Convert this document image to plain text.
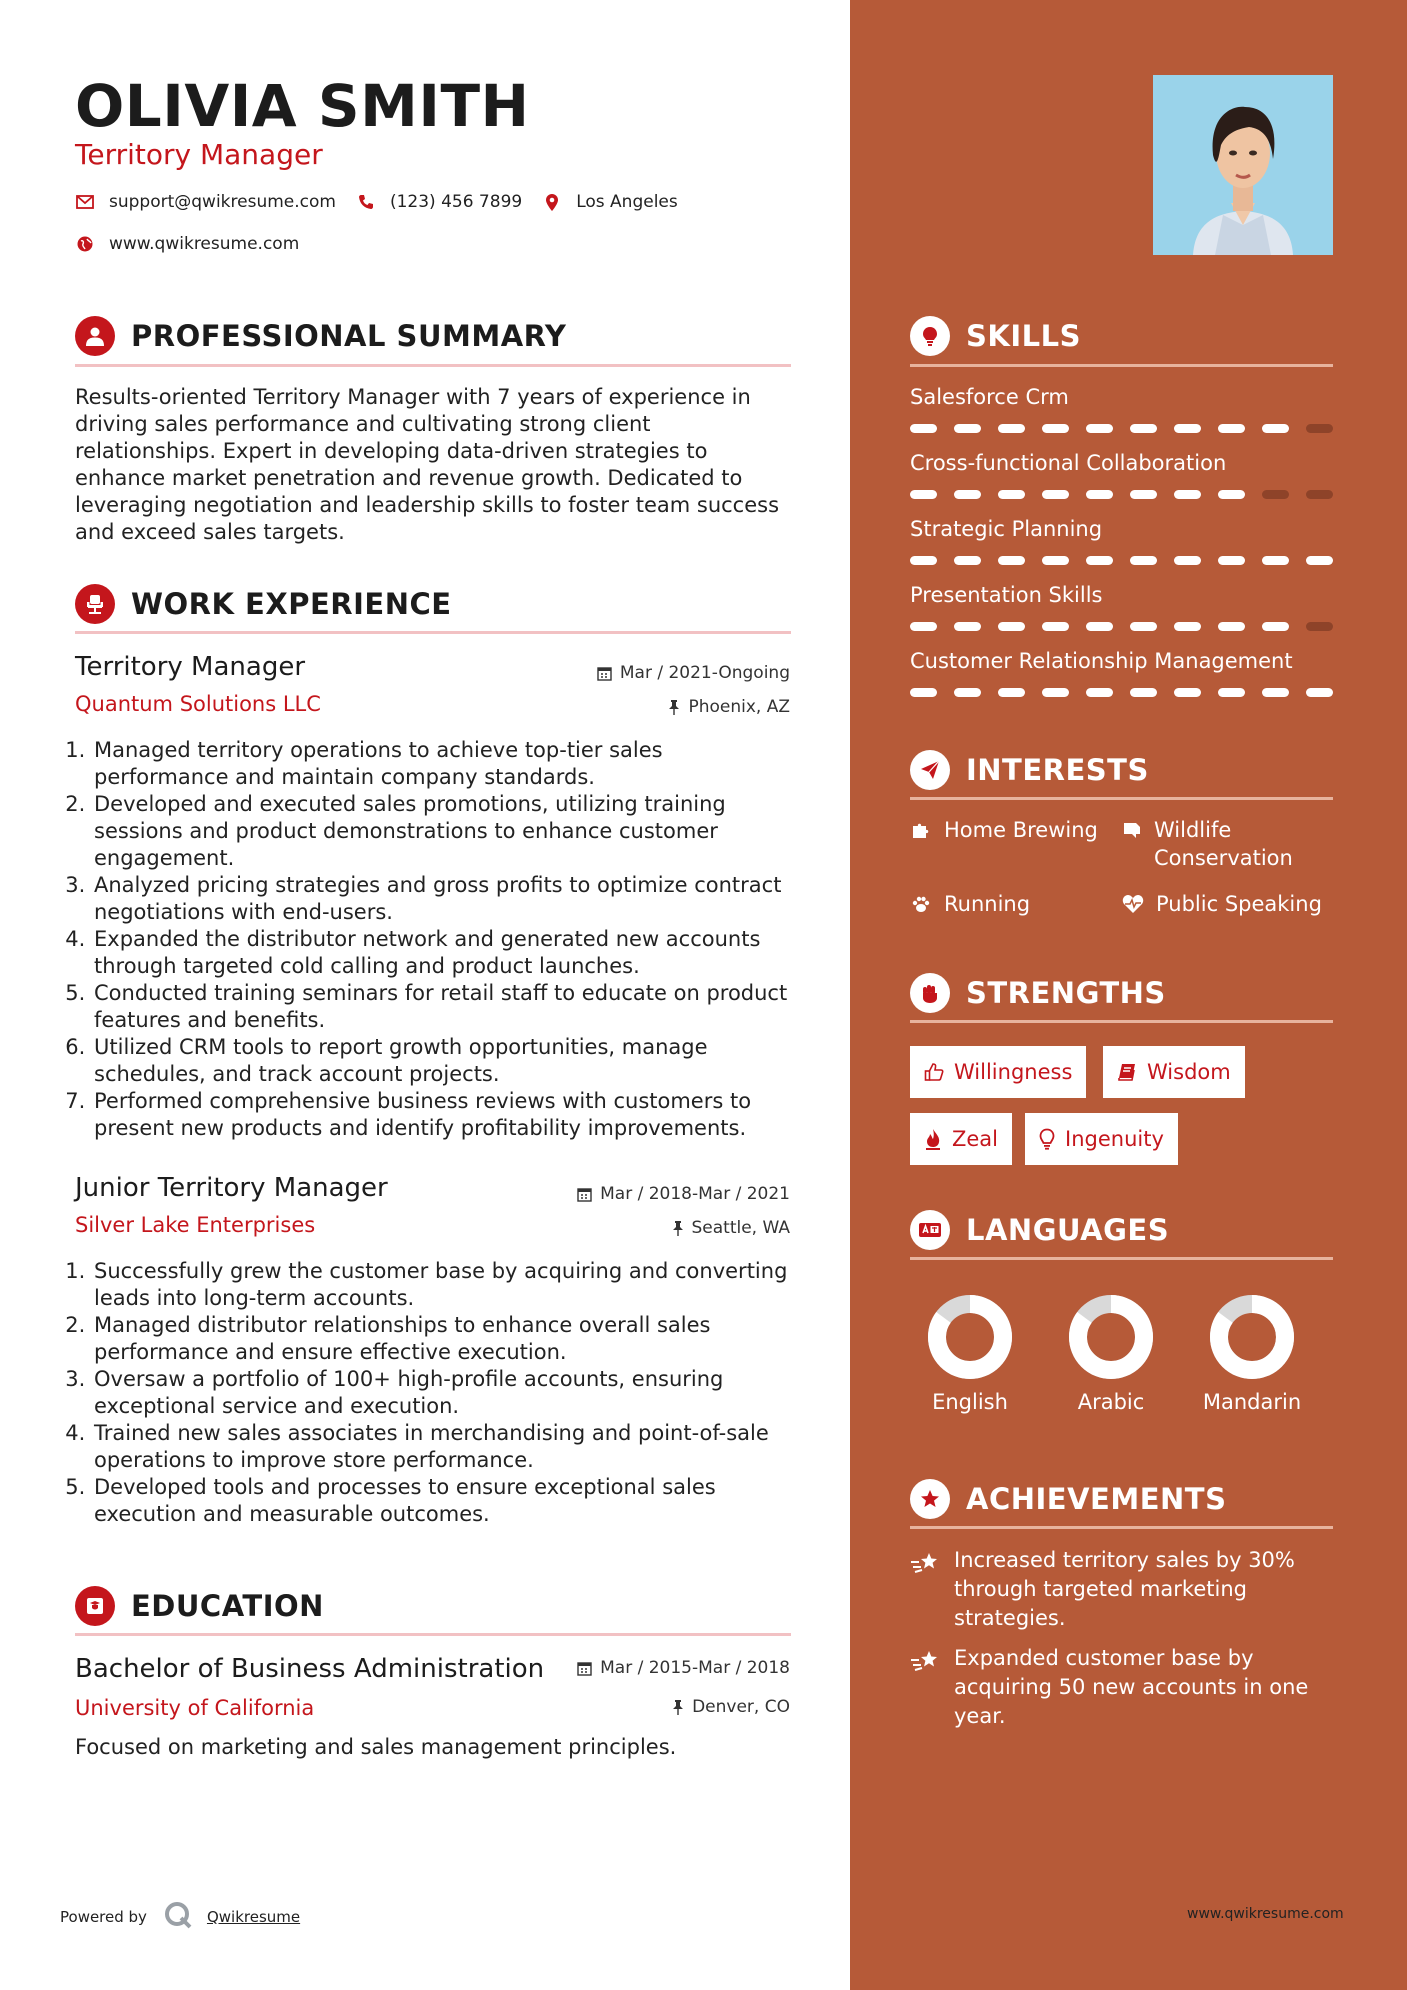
OLIVIA SMITH
Territory Manager
support@qwikresume.com	(123) 456 7899	Los Angeles
www.qwikresume.com
PROFESSIONAL SUMMARY
Results-oriented Territory Manager with 7 years of experience in driving sales performance and cultivating strong client relationships. Expert in developing data-driven strategies to enhance market penetration and revenue growth. Dedicated to leveraging negotiation and leadership skills to foster team success and exceed sales targets.
WORK EXPERIENCE
Territory Manager	Mar / 2021-Ongoing
Quantum Solutions LLC	Phoenix, AZ
1. Managed territory operations to achieve top-tier sales performance and maintain company standards.
2. Developed and executed sales promotions, utilizing training sessions and product demonstrations to enhance customer engagement.
3. Analyzed pricing strategies and gross profits to optimize contract negotiations with end-users.
4. Expanded the distributor network and generated new accounts through targeted cold calling and product launches.
5. Conducted training seminars for retail staff to educate on product features and benefits.
6. Utilized CRM tools to report growth opportunities, manage schedules, and track account projects.
7. Performed comprehensive business reviews with customers to present new products and identify profitability improvements.
Junior Territory Manager	Mar / 2018-Mar / 2021
Silver Lake Enterprises	Seattle, WA
1. Successfully grew the customer base by acquiring and converting leads into long-term accounts.
2. Managed distributor relationships to enhance overall sales performance and ensure effective execution.
3. Oversaw a portfolio of 100+ high-profile accounts, ensuring exceptional service and execution.
4. Trained new sales associates in merchandising and point-of-sale operations to improve store performance.
5. Developed tools and processes to ensure exceptional sales execution and measurable outcomes.
EDUCATION
Bachelor of Business Administration	Mar / 2015-Mar / 2018
University of California	Denver, CO
Focused on marketing and sales management principles.
Powered by	Qwikresume
SKILLS
Salesforce Crm
Cross-functional Collaboration
Strategic Planning
Presentation Skills
Customer Relationship Management
INTERESTS
Home Brewing	Wildlife Conservation
Running	Public Speaking
STRENGTHS
Willingness	Wisdom
Zeal	Ingenuity
LANGUAGES
English	Arabic	Mandarin
ACHIEVEMENTS
Increased territory sales by 30% through targeted marketing strategies.
Expanded customer base by acquiring 50 new accounts in one year.
www.qwikresume.com
